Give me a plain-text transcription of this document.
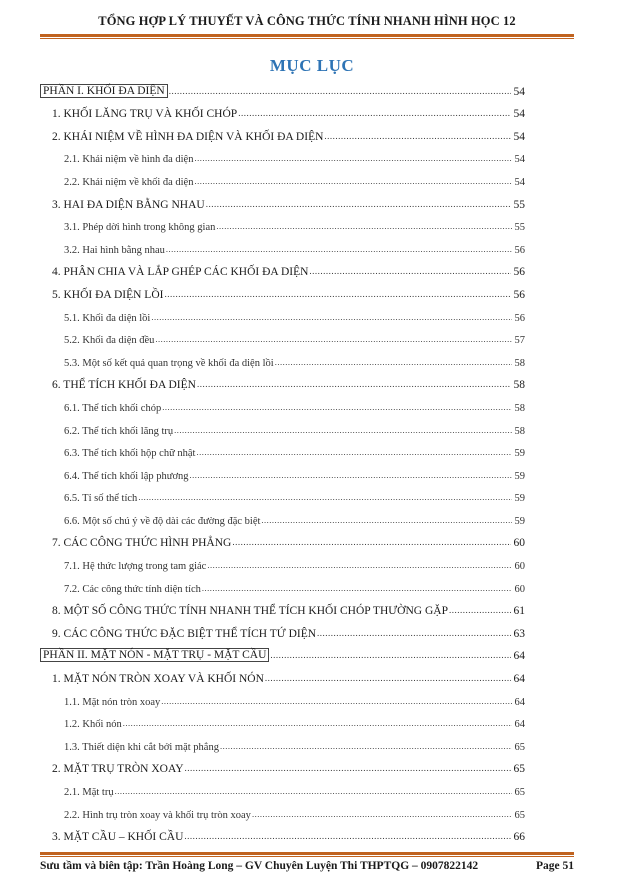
TỔNG HỢP LÝ THUYẾT VÀ CÔNG THỨC TÍNH NHANH HÌNH HỌC 12
MỤC LỤC
PHẦN I. KHỐI ĐA DIỆN .....	54
1. KHỐI LĂNG TRỤ VÀ KHỐI CHÓP .....	54
2. KHÁI NIỆM VỀ HÌNH ĐA DIỆN VÀ KHỐI ĐA DIỆN .....	54
2.1. Khái niệm về hình đa diện .....	54
2.2. Khái niệm về khối đa diện .....	54
3. HAI ĐA DIỆN BẰNG NHAU .....	55
3.1. Phép dời hình trong không gian .....	55
3.2. Hai hình bằng nhau .....	56
4. PHÂN CHIA VÀ LẮP GHÉP CÁC KHỐI ĐA DIỆN .....	56
5. KHỐI ĐA DIỆN LỒI .....	56
5.1. Khối đa diện lồi .....	56
5.2. Khối đa diện đều .....	57
5.3. Một số kết quả quan trọng về khối đa diện lồi .....	58
6. THỂ TÍCH KHỐI ĐA DIỆN .....	58
6.1. Thể tích khối chóp .....	58
6.2. Thể tích khối lăng trụ .....	58
6.3. Thể tích khối hộp chữ nhật .....	59
6.4. Thể tích khối lập phương .....	59
6.5. Tỉ số thể tích .....	59
6.6. Một số chú ý về độ dài các đường đặc biệt .....	59
7. CÁC CÔNG THỨC HÌNH PHẲNG .....	60
7.1. Hệ thức lượng trong tam giác .....	60
7.2. Các công thức tính diện tích .....	60
8. MỘT SỐ CÔNG THỨC TÍNH NHANH THỂ TÍCH KHỐI CHÓP THƯỜNG GẶP .....	61
9. CÁC CÔNG THỨC ĐẶC BIỆT THỂ TÍCH TỨ DIỆN .....	63
PHẦN II. MẶT NÓN - MẶT TRỤ - MẶT CẦU .....	64
1. MẶT NÓN TRÒN XOAY VÀ KHỐI NÓN .....	64
1.1. Mặt nón tròn xoay .....	64
1.2. Khối nón .....	64
1.3. Thiết diện khi cắt bởi mặt phẳng .....	65
2. MẶT TRỤ TRÒN XOAY .....	65
2.1. Mặt trụ .....	65
2.2. Hình trụ tròn xoay và khối trụ tròn xoay .....	65
3. MẶT CẦU – KHỐI CẦU .....	66
Sưu tầm và biên tập: Trần Hoàng Long – GV Chuyên Luyện Thi THPTQG – 0907822142	Page 51
